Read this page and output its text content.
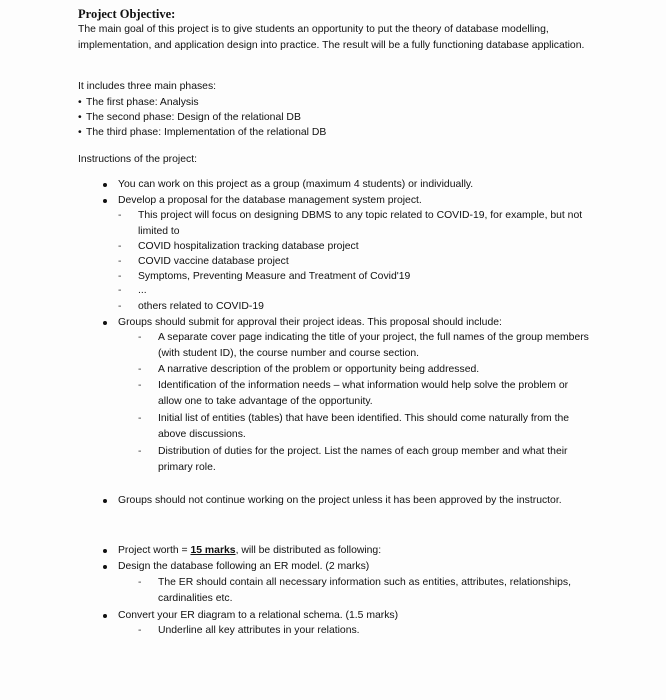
Project Objective:
The main goal of this project is to give students an opportunity to put the theory of database modelling, implementation, and application design into practice. The result will be a fully functioning database application.
It includes three main phases:
• The first phase: Analysis
• The second phase: Design of the relational DB
• The third phase: Implementation of the relational DB
Instructions of the project:
You can work on this project as a group (maximum 4 students) or individually.
Develop a proposal for the database management system project.
- This project will focus on designing DBMS to any topic related to COVID-19, for example, but not limited to
- COVID hospitalization tracking database project
- COVID vaccine database project
- Symptoms, Preventing Measure and Treatment of Covid'19
- ...
- others related to COVID-19
Groups should submit for approval their project ideas. This proposal should include:
- A separate cover page indicating the title of your project, the full names of the group members (with student ID), the course number and course section.
- A narrative description of the problem or opportunity being addressed.
- Identification of the information needs – what information would help solve the problem or allow one to take advantage of the opportunity.
- Initial list of entities (tables) that have been identified. This should come naturally from the above discussions.
- Distribution of duties for the project. List the names of each group member and what their primary role.
Groups should not continue working on the project unless it has been approved by the instructor.
Project worth = 15 marks, will be distributed as following:
Design the database following an ER model. (2 marks)
- The ER should contain all necessary information such as entities, attributes, relationships, cardinalities etc.
Convert your ER diagram to a relational schema. (1.5 marks)
- Underline all key attributes in your relations.
